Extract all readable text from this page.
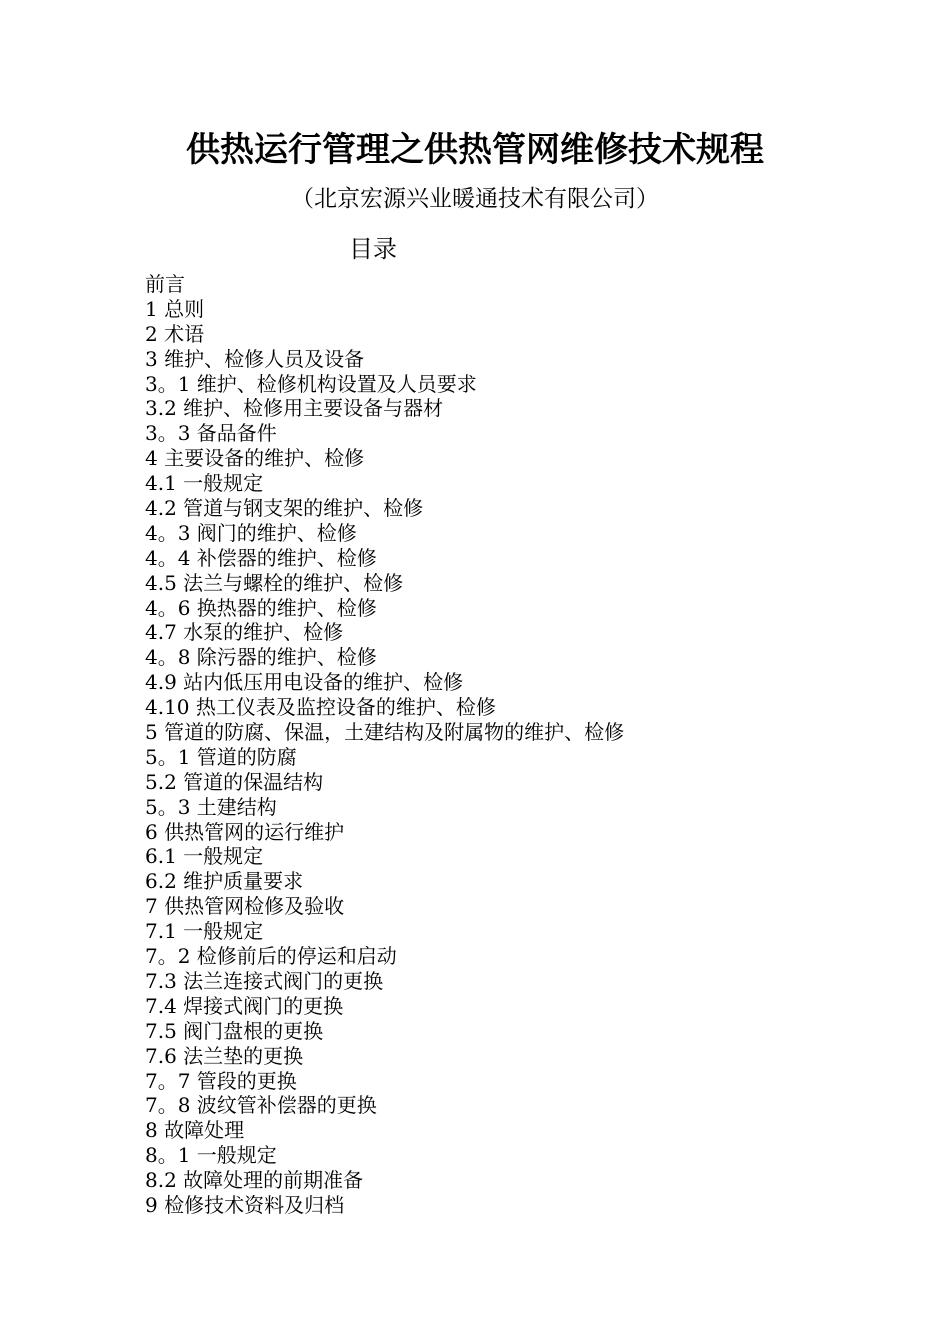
供热运行管理之供热管网维修技术规程
（北京宏源兴业暖通技术有限公司）
目录
前言
1 总则
2 术语
3 维护、检修人员及设备
3。1 维护、检修机构设置及人员要求
3.2 维护、检修用主要设备与器材
3。3 备品备件
4 主要设备的维护、检修
4.1 一般规定
4.2 管道与钢支架的维护、检修
4。3 阀门的维护、检修
4。4 补偿器的维护、检修
4.5 法兰与螺栓的维护、检修
4。6 换热器的维护、检修
4.7 水泵的维护、检修
4。8 除污器的维护、检修
4.9 站内低压用电设备的维护、检修
4.10 热工仪表及监控设备的维护、检修
5 管道的防腐、保温，土建结构及附属物的维护、检修
5。1 管道的防腐
5.2 管道的保温结构
5。3 土建结构
6 供热管网的运行维护
6.1 一般规定
6.2 维护质量要求
7 供热管网检修及验收
7.1 一般规定
7。2 检修前后的停运和启动
7.3 法兰连接式阀门的更换
7.4 焊接式阀门的更换
7.5 阀门盘根的更换
7.6 法兰垫的更换
7。7 管段的更换
7。8 波纹管补偿器的更换
8 故障处理
8。1 一般规定
8.2 故障处理的前期准备
9 检修技术资料及归档
